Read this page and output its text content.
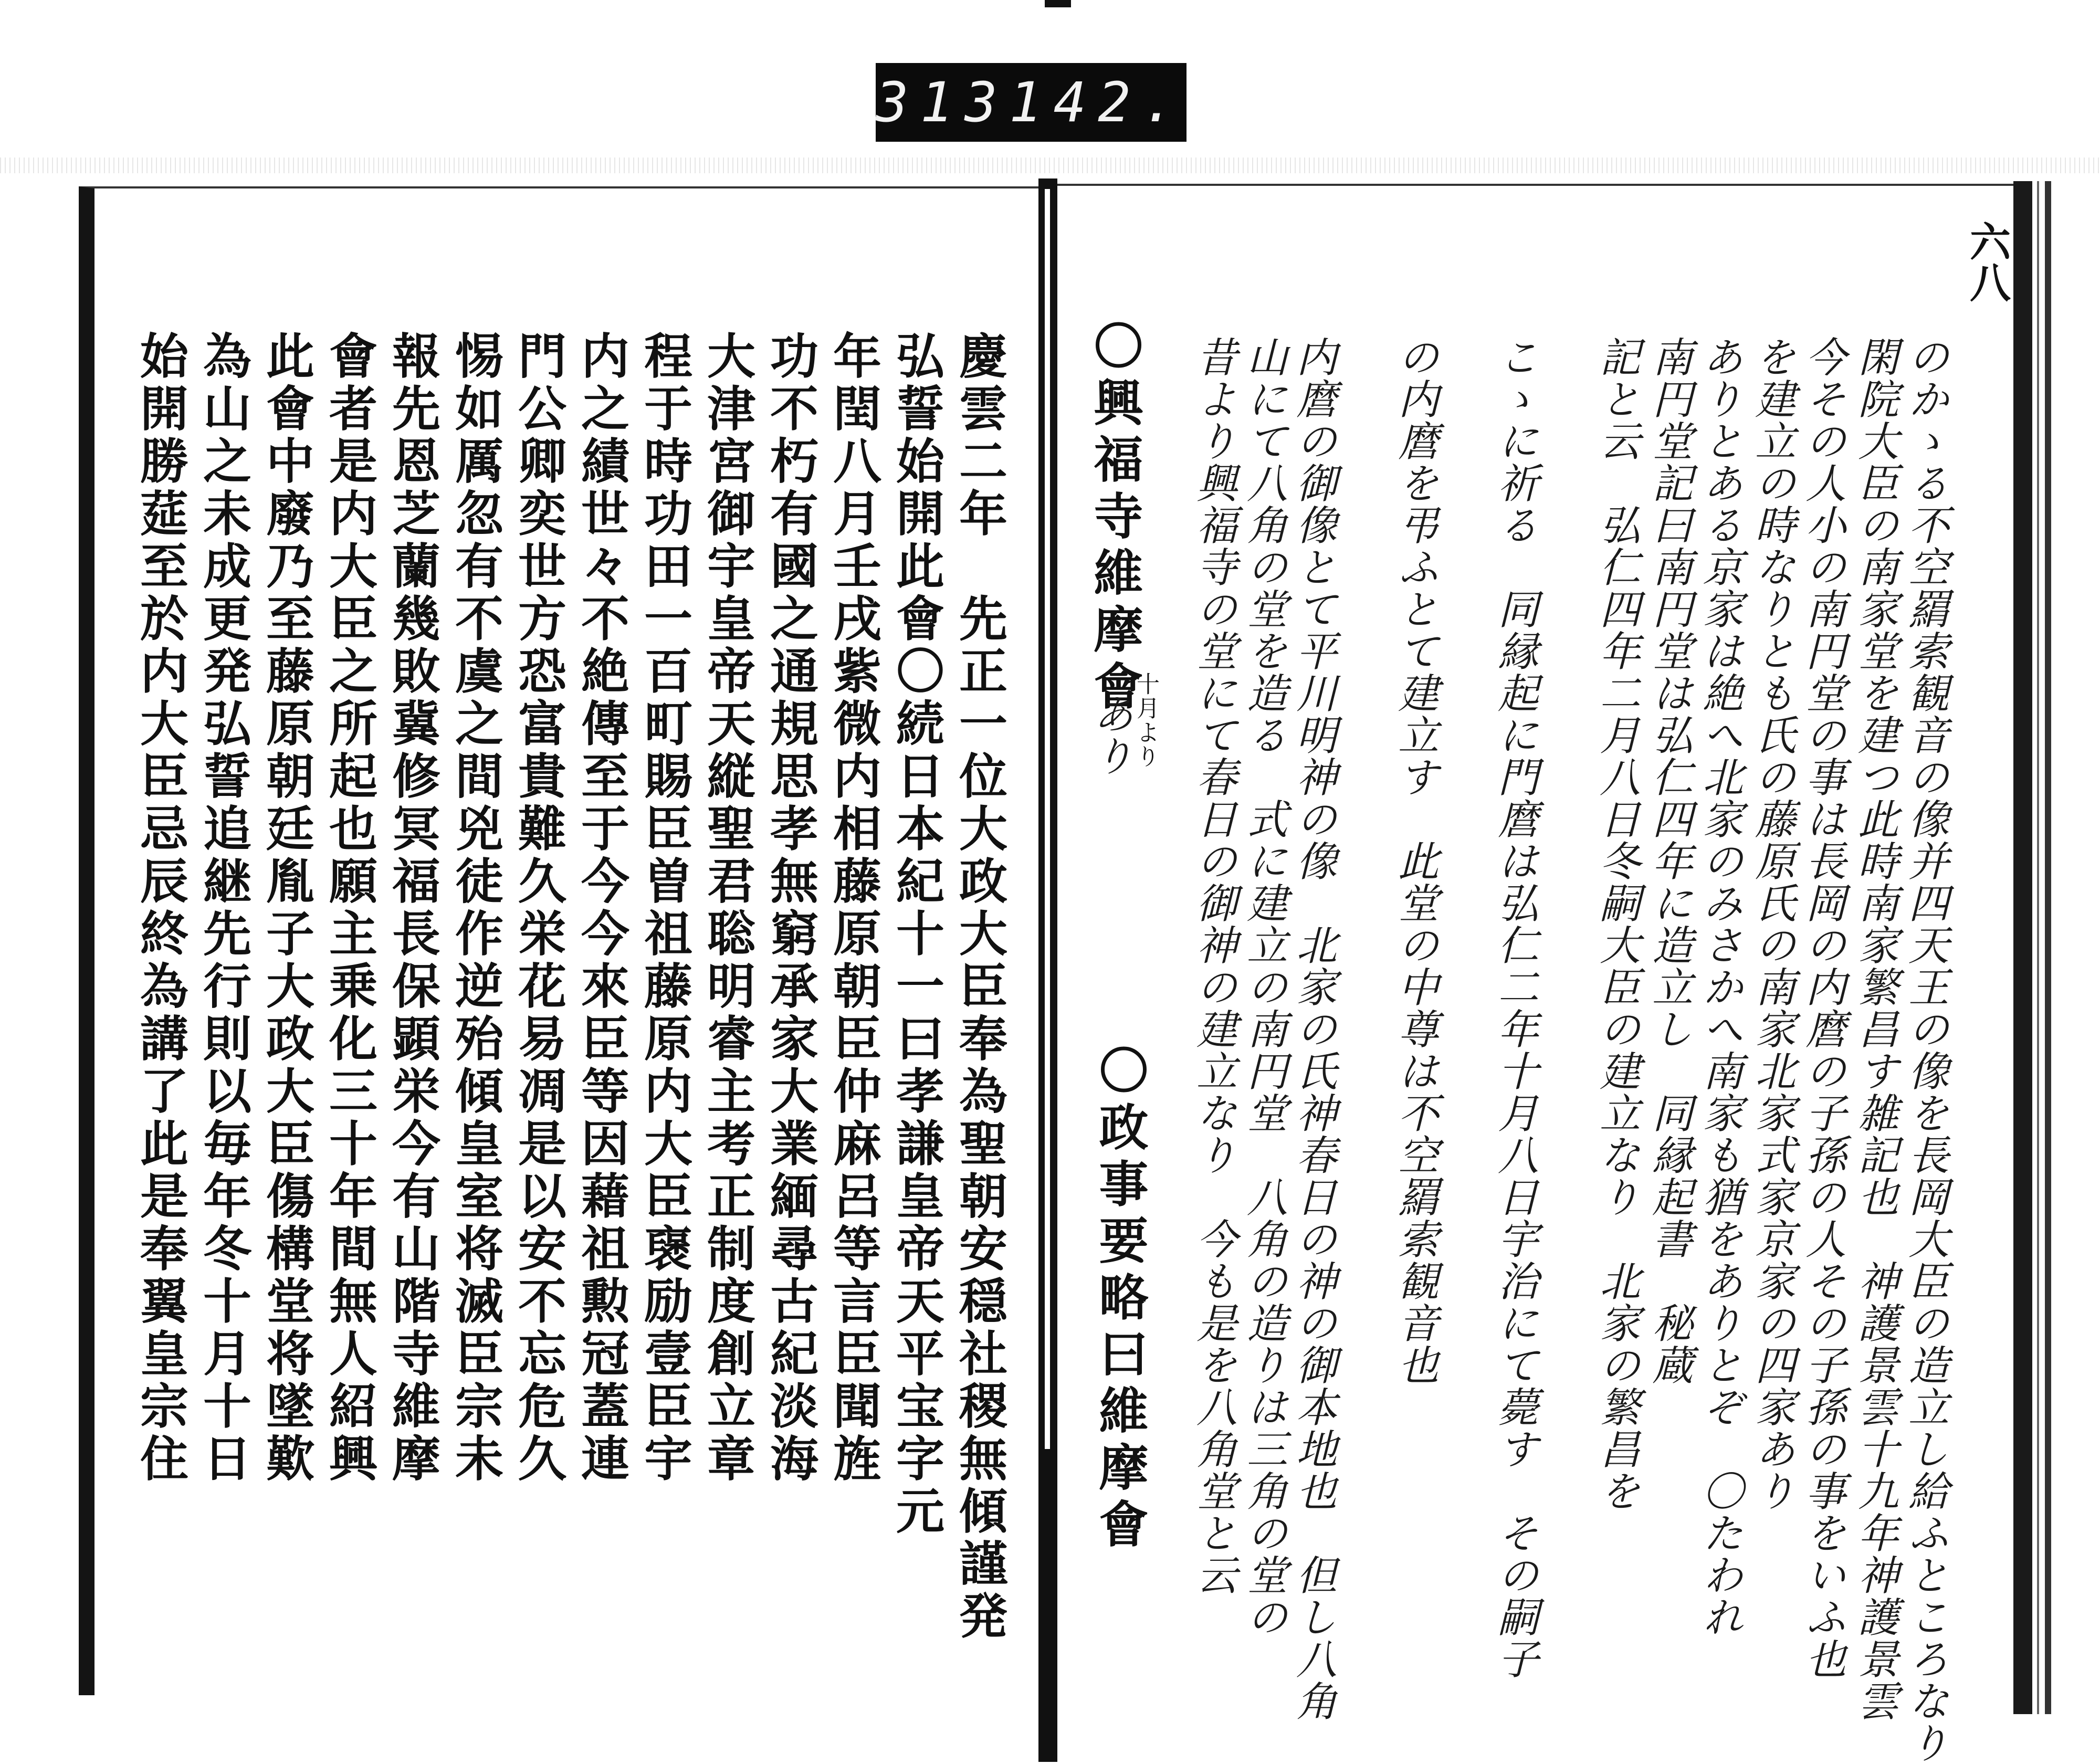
313 142.
六八
のかゝる不空羂索観音の像并四天王の像を長岡大臣の造立し給ふところなり
閑院大臣の南家堂を建つ此時南家繁昌す雑記也　神護景雲十九年神護景雲
今その人小の南円堂の事は長岡の内麿の子孫の人その子孫の事をいふ也
を建立の時なりとも氏の藤原氏の南家北家式家京家の四家あり
ありとある京家は絶へ北家のみさかへ南家も猶をありとぞ　〇たわれ
南円堂記曰南円堂は弘仁四年に造立し　同縁起書　秘蔵
記と云　弘仁四年二月八日冬嗣大臣の建立なり　北家の繁昌を
こゝに祈る　同縁起に門麿は弘仁二年十月八日宇治にて薨す　その嗣子
の内麿を弔ふとて建立す　此堂の中尊は不空羂索観音也
内麿の御像とて平川明神の像　北家の氏神春日の神の御本地也　但し八角
山にて八角の堂を造る　式に建立の南円堂　八角の造りは三角の堂の
昔より興福寺の堂にて春日の御神の建立なり　今も是を八角堂と云
〇興福寺維摩會
十月より
あり
〇政事要略曰維摩會
慶雲二年　先正一位大政大臣奉為聖朝安穏社稷無傾謹発
弘誓始開此會〇続日本紀十一曰孝謙皇帝天平宝字元
年閏八月壬戌紫微内相藤原朝臣仲麻呂等言臣聞旌
功不朽有國之通規思孝無窮承家大業緬尋古紀淡海
大津宮御宇皇帝天縦聖君聡明睿主考正制度創立章
程于時功田一百町賜臣曽祖藤原内大臣襃励壹臣宇
内之績世々不絶傳至于今今來臣等因藉祖勲冠蓋連
門公卿奕世方恐富貴難久栄花易凋是以安不忘危久
惕如厲忽有不虞之間兇徒作逆殆傾皇室将滅臣宗未
報先恩芝蘭幾敗冀修冥福長保顕栄今有山階寺維摩
會者是内大臣之所起也願主乗化三十年間無人紹興
此會中廢乃至藤原朝廷胤子大政大臣傷構堂将墜歎
為山之未成更発弘誓追継先行則以毎年冬十月十日
始開勝莚至於内大臣忌辰終為講了此是奉翼皇宗住
